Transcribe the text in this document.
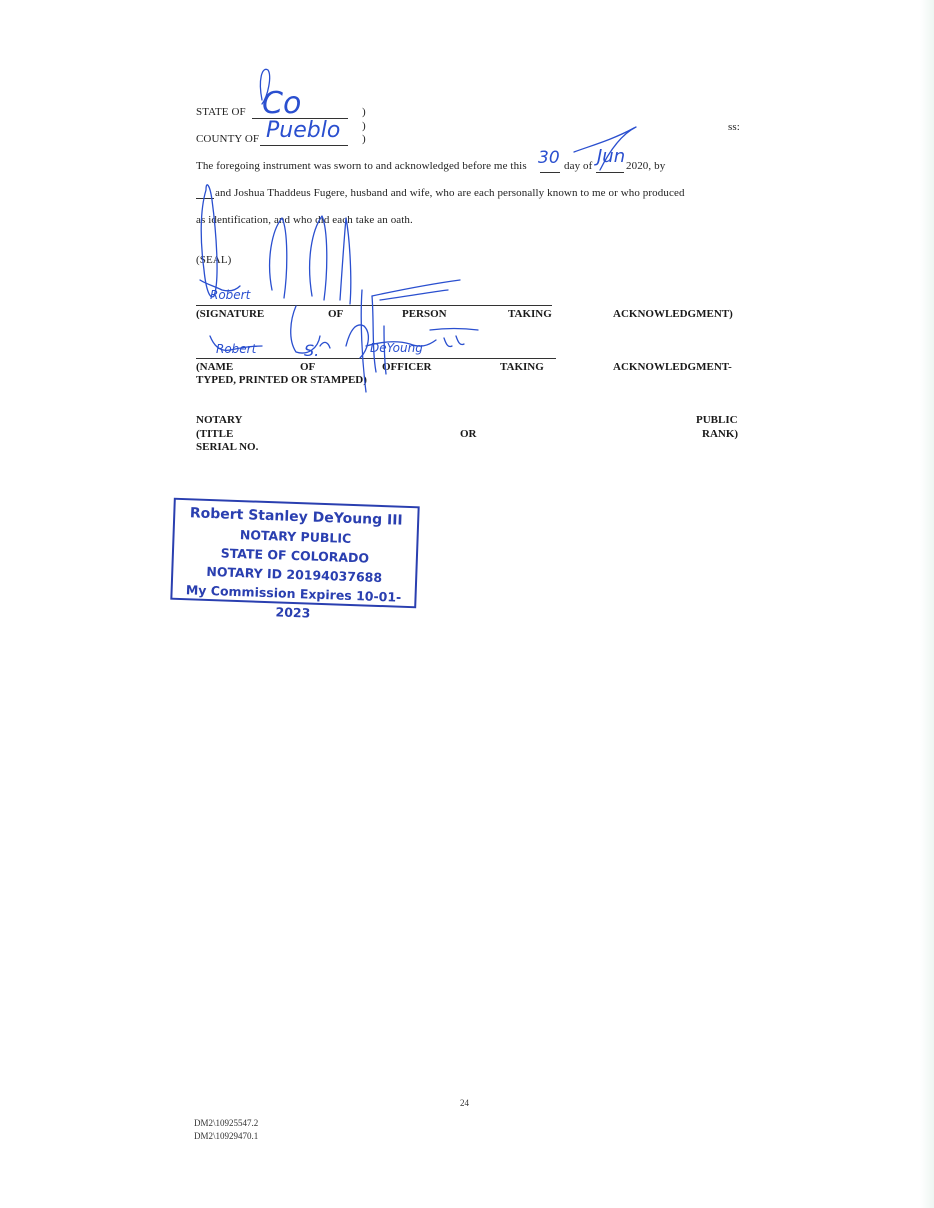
STATE OF Co	)
)	ss:
COUNTY OF Pueblo )
The foregoing instrument was sworn to and acknowledged before me this 30 day of Jun 2020, by
and Joshua Thaddeus Fugere, husband and wife, who are each personally known to me or who produced
as identification, and who did each take an oath.
(SEAL)
(SIGNATURE	OF	PERSON	TAKING	ACKNOWLEDGMENT)
(NAME	OF	OFFICER	TAKING	ACKNOWLEDGMENT-
TYPED, PRINTED OR STAMPED)
NOTARY	PUBLIC
(TITLE	OR	RANK)
SERIAL NO.
Robert
Robert	S.	DeYoung
Robert Stanley DeYoung III
NOTARY PUBLIC
STATE OF COLORADO
NOTARY ID 20194037688
My Commission Expires 10-01-2023
24
DM2\10925547.2
DM2\10929470.1
